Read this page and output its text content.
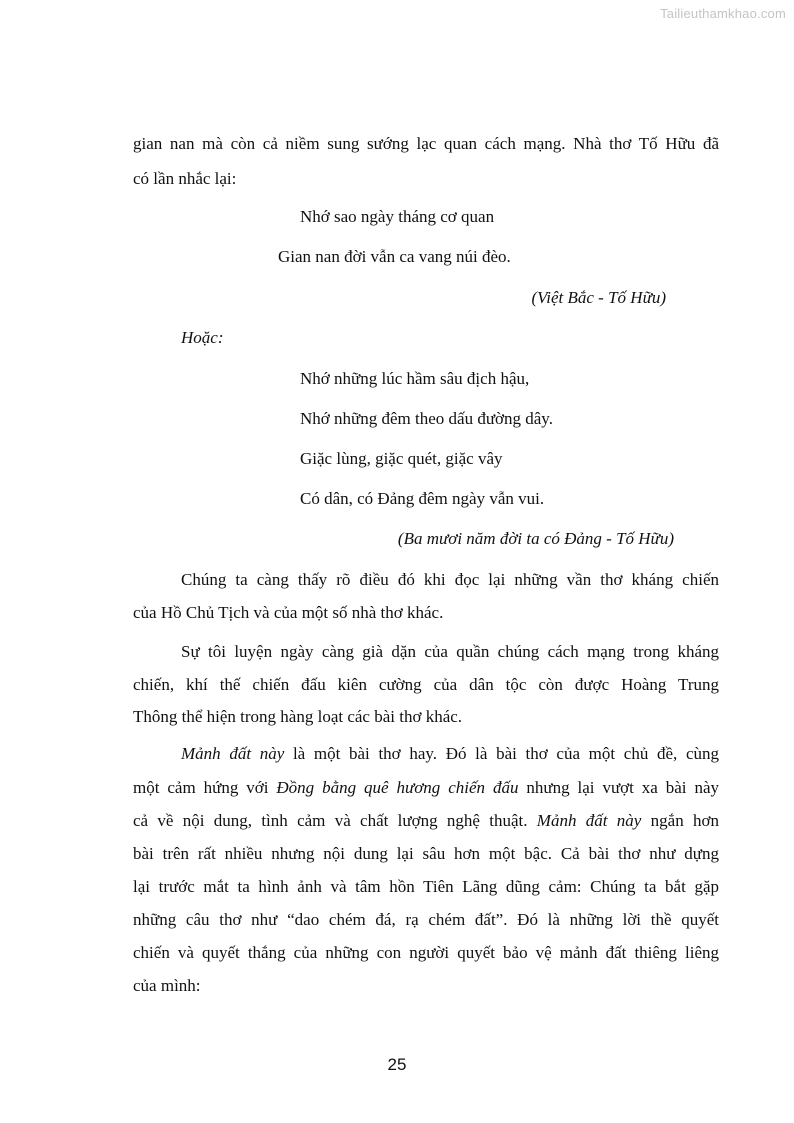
Tailieuthamkhao.com
gian nan mà còn cả niềm sung sướng lạc quan cách mạng. Nhà thơ Tố Hữu đã
có lần nhắc lại:
Nhớ sao ngày tháng cơ quan
Gian nan đời vẫn ca vang núi đèo.
(Việt Bắc - Tố Hữu)
Hoặc:
Nhớ những lúc hầm sâu địch hậu,
Nhớ những đêm theo dấu đường dây.
Giặc lùng, giặc quét, giặc vây
Có dân, có Đảng đêm ngày vẫn vui.
(Ba mươi năm đời ta có Đảng - Tố Hữu)
Chúng ta càng thấy rõ điều đó khi đọc lại những vần thơ kháng chiến
của Hồ Chủ Tịch và của một số nhà thơ khác.
Sự tôi luyện ngày càng già dặn của quần chúng cách mạng trong kháng
chiến, khí thế chiến đấu kiên cường của dân tộc còn được Hoàng Trung
Thông thể hiện trong hàng loạt các bài thơ khác.
Mảnh đất này là một bài thơ hay. Đó là bài thơ của một chủ đề, cùng
một cảm hứng với Đồng bằng quê hương chiến đấu nhưng lại vượt xa bài này
cả về nội dung, tình cảm và chất lượng nghệ thuật. Mảnh đất này ngắn hơn
bài trên rất nhiều nhưng nội dung lại sâu hơn một bậc. Cả bài thơ như dựng
lại trước mắt ta hình ảnh và tâm hồn Tiên Lãng dũng cảm: Chúng ta bắt gặp
những câu thơ như “dao chém đá, rạ chém đất”. Đó là những lời thề quyết
chiến và quyết thắng của những con người quyết bảo vệ mảnh đất thiêng liêng
của mình:
25
